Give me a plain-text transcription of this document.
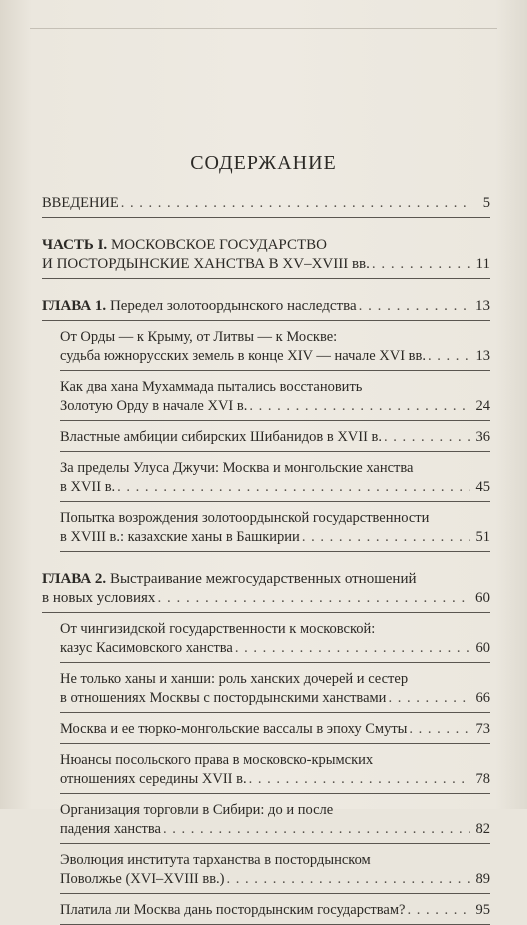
СОДЕРЖАНИЕ
ВВЕДЕНИЕ . . .	5
ЧАСТЬ I. МОСКОВСКОЕ ГОСУДАРСТВО
И ПОСТОРДЫНСКИЕ ХАНСТВА В XV–XVIII вв. . . .	11
ГЛАВА 1. Передел золотоордынского наследства . . .	13
От Орды — к Крыму, от Литвы — к Москве:
судьба южнорусских земель в конце XIV — начале XVI вв. . . .	13
Как два хана Мухаммада пытались восстановить
Золотую Орду в начале XVI в. . . .	24
Властные амбиции сибирских Шибанидов в XVII в. . . .	36
За пределы Улуса Джучи: Москва и монгольские ханства
в XVII в. . . .	45
Попытка возрождения золотоордынской государственности
в XVIII в.: казахские ханы в Башкирии . . .	51
ГЛАВА 2. Выстраивание межгосударственных отношений
в новых условиях . . .	60
От чингизидской государственности к московской:
казус Касимовского ханства . . .	60
Не только ханы и ханши: роль ханских дочерей и сестер
в отношениях Москвы с постордынскими ханствами . . .	66
Москва и ее тюрко-монгольские вассалы в эпоху Смуты . . .	73
Нюансы посольского права в московско-крымских
отношениях середины XVII в. . . .	78
Организация торговли в Сибири: до и после
падения ханства . . .	82
Эволюция института тарханства в постордынском
Поволжье (XVI–XVIII вв.) . . .	89
Платила ли Москва дань постордынским государствам? . . .	95
